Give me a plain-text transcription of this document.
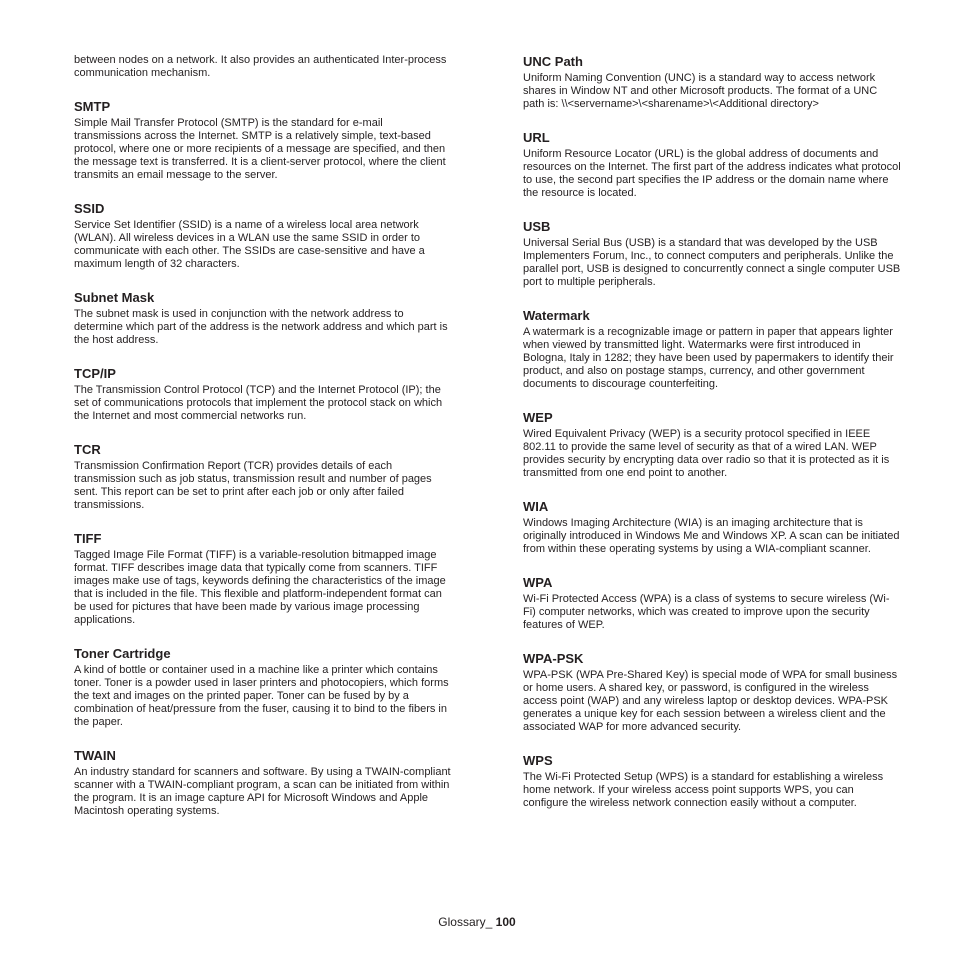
between nodes on a network. It also provides an authenticated Inter-process communication mechanism.

SMTP

Simple Mail Transfer Protocol (SMTP) is the standard for e-mail transmissions across the Internet. SMTP is a relatively simple, text-based protocol, where one or more recipients of a message are specified, and then the message text is transferred. It is a client-server protocol, where the client transmits an email message to the server.

SSID

Service Set Identifier (SSID) is a name of a wireless local area network (WLAN). All wireless devices in a WLAN use the same SSID in order to communicate with each other. The SSIDs are case-sensitive and have a maximum length of 32 characters.

Subnet Mask

The subnet mask is used in conjunction with the network address to determine which part of the address is the network address and which part is the host address.

TCP/IP

The Transmission Control Protocol (TCP) and the Internet Protocol (IP); the set of communications protocols that implement the protocol stack on which the Internet and most commercial networks run.

TCR

Transmission Confirmation Report (TCR) provides details of each transmission such as job status, transmission result and number of pages sent. This report can be set to print after each job or only after failed transmissions.

TIFF

Tagged Image File Format (TIFF) is a variable-resolution bitmapped image format. TIFF describes image data that typically come from scanners. TIFF images make use of tags, keywords defining the characteristics of the image that is included in the file. This flexible and platform-independent format can be used for pictures that have been made by various image processing applications.

Toner Cartridge

A kind of bottle or container used in a machine like a printer which contains toner. Toner is a powder used in laser printers and photocopiers, which forms the text and images on the printed paper. Toner can be fused by by a combination of heat/pressure from the fuser, causing it to bind to the fibers in the paper.

TWAIN

An industry standard for scanners and software. By using a TWAIN-compliant scanner with a TWAIN-compliant program, a scan can be initiated from within the program. It is an image capture API for Microsoft Windows and Apple Macintosh operating systems.

UNC Path

Uniform Naming Convention (UNC) is a standard way to access network shares in Window NT and other Microsoft products. The format of a UNC path is: \\<servername>\<sharename>\<Additional directory>

URL

Uniform Resource Locator (URL) is the global address of documents and resources on the Internet. The first part of the address indicates what protocol to use, the second part specifies the IP address or the domain name where the resource is located.

USB

Universal Serial Bus (USB) is a standard that was developed by the USB Implementers Forum, Inc., to connect computers and peripherals. Unlike the parallel port, USB is designed to concurrently connect a single computer USB port to multiple peripherals.

Watermark

A watermark is a recognizable image or pattern in paper that appears lighter when viewed by transmitted light. Watermarks were first introduced in Bologna, Italy in 1282; they have been used by papermakers to identify their product, and also on postage stamps, currency, and other government documents to discourage counterfeiting.

WEP

Wired Equivalent Privacy (WEP) is a security protocol specified in IEEE 802.11 to provide the same level of security as that of a wired LAN. WEP provides security by encrypting data over radio so that it is protected as it is transmitted from one end point to another.

WIA

Windows Imaging Architecture (WIA) is an imaging architecture that is originally introduced in Windows Me and Windows XP. A scan can be initiated from within these operating systems by using a WIA-compliant scanner.

WPA

Wi-Fi Protected Access (WPA) is a class of systems to secure wireless (Wi-Fi) computer networks, which was created to improve upon the security features of WEP.

WPA-PSK

WPA-PSK (WPA Pre-Shared Key) is special mode of WPA for small business or home users. A shared key, or password, is configured in the wireless access point (WAP) and any wireless laptop or desktop devices. WPA-PSK generates a unique key for each session between a wireless client and the associated WAP for more advanced security.

WPS

The Wi-Fi Protected Setup (WPS) is a standard for establishing a wireless home network. If your wireless access point supports WPS, you can configure the wireless network connection easily without a computer.

Glossary_ 100
